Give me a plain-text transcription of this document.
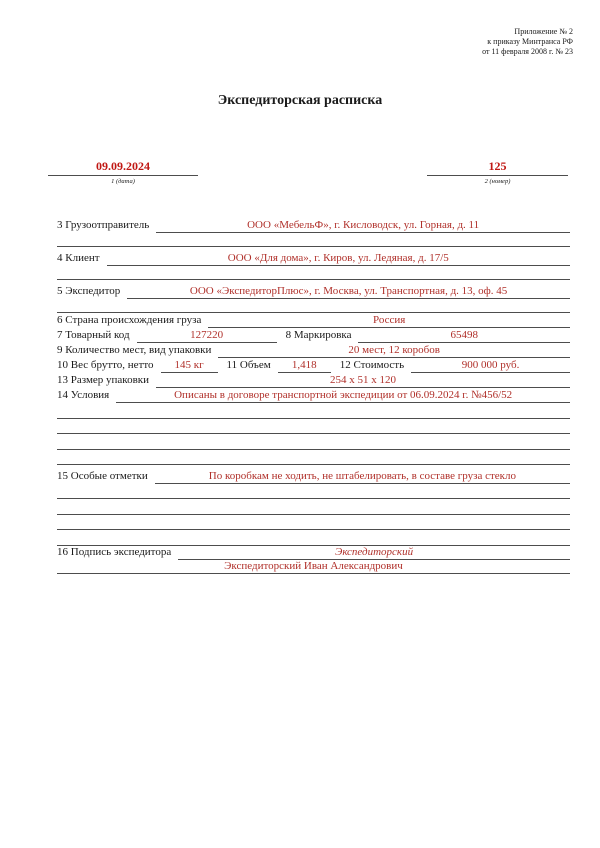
Приложение № 2
к приказу Минтранса РФ
от 11 февраля 2008 г. № 23
Экспедиторская расписка
09.09.2024
1 (дата)
125
2 (номер)
3 Грузоотправитель	ООО «МебельФ», г. Кисловодск, ул. Горная, д. 11
4 Клиент	ООО «Для дома», г. Киров, ул. Ледяная, д. 17/5
5 Экспедитор	ООО «ЭкспедиторПлюс», г. Москва, ул. Транспортная, д. 13, оф. 45
6 Страна происхождения груза	Россия
7 Товарный код	127220	8 Маркировка	65498
9 Количество мест, вид упаковки	20 мест, 12 коробов
10 Вес брутто, нетто	145 кг	11 Объем	1,418	12 Стоимость	900 000 руб.
13 Размер упаковки	254 x 51 x 120
14 Условия	Описаны в договоре транспортной экспедиции от 06.09.2024 г. №456/52
15 Особые отметки	По коробкам не ходить, не штабелировать, в составе груза стекло
16 Подпись экспедитора	Экспедиторский
Экспедиторский Иван Александрович
